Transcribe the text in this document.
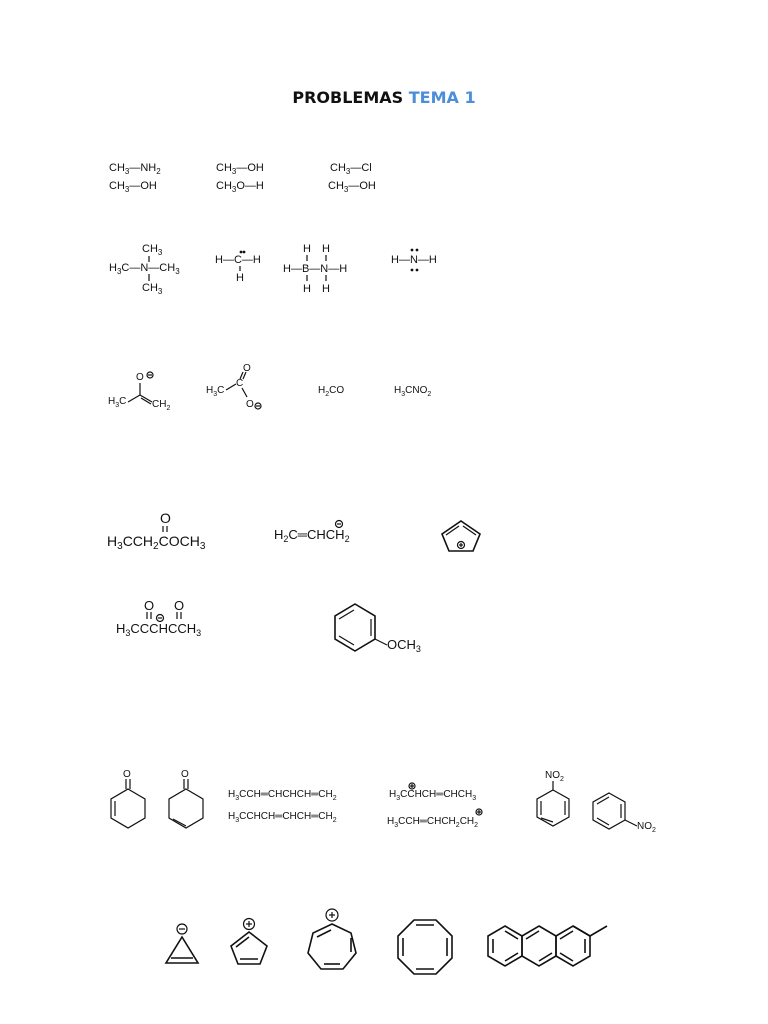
PROBLEMAS TEMA 1
$CH_3—NH_2$
$CH_3—OH$
$CH_3—OH$
$CH_3O—H$
$CH_3—Cl$
$CH_3—OH$
$CH_3$
$H_3C—N—CH_3$
$CH_3$
H—C—H
H
H H
H—B—N—H
H H
H—N—H
O
$H_3C$	$CH_2$
$H_3C$
C
O
O
$H_2CO$	$H_3CNO_2$
O
$H_3CCH_2COCH_3$
$H_2C═CHCH_2$
O O
$H_3CCCHCCH_3$
$OCH_3$
O	O
$H_3CCH═CHCHCH═CH_2$
$H_3CCHCH═CHCH═CH_2$
$H_3CCHCH═CHCH_3$
$H_3CCH═CHCH_2CH_2$
$NO_2$
$NO_2$
